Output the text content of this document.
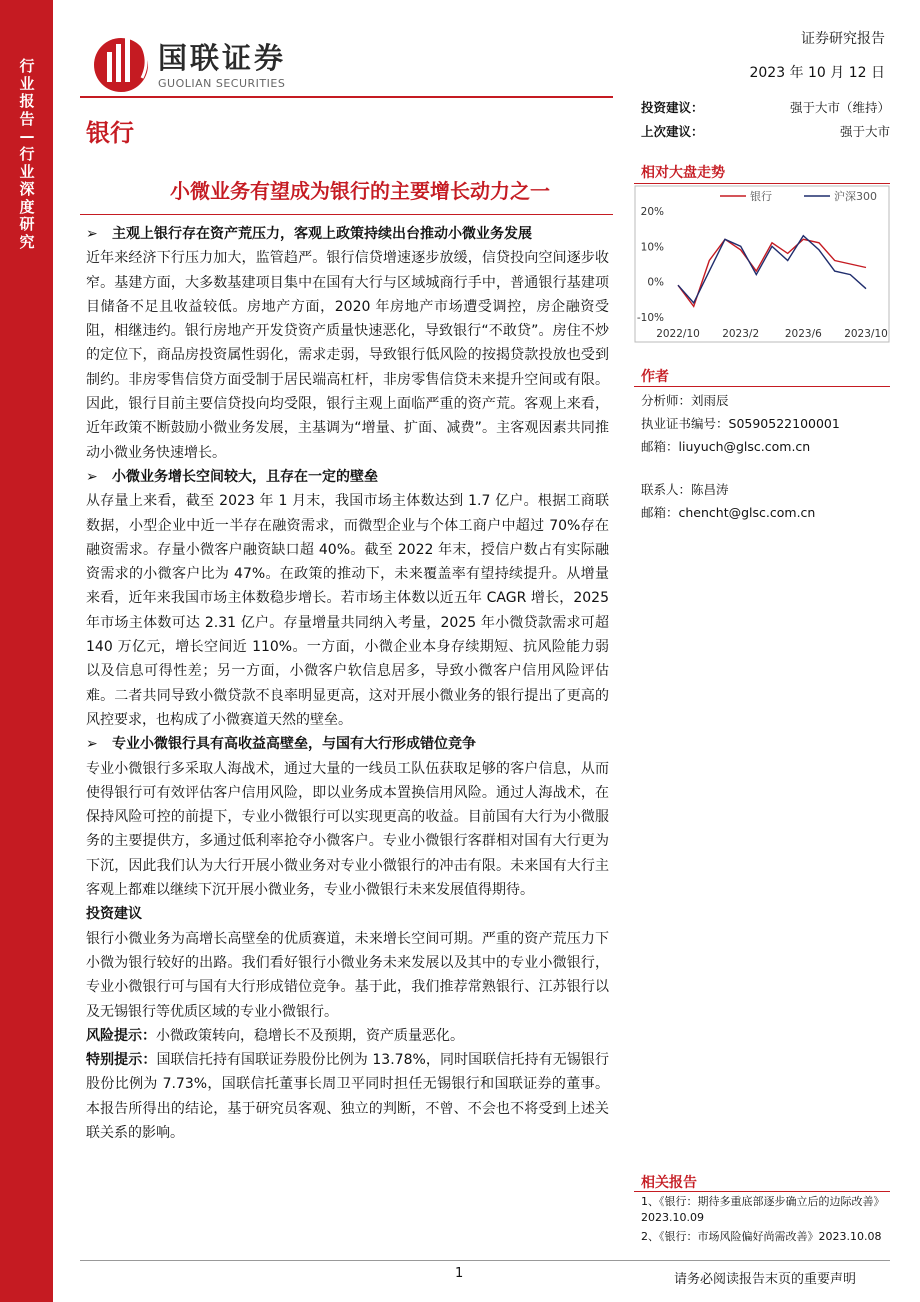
行业报告—行业深度研究
国联证券
GUOLIAN SECURITIES
证券研究报告
2023 年 10 月 12 日
银行
小微业务有望成为银行的主要增长动力之一

➢ 主观上银行存在资产荒压力，客观上政策持续出台推动小微业务发展

近年来经济下行压力加大，监管趋严。银行信贷增速逐步放缓，信贷投向空间逐步收窄。基建方面，大多数基建项目集中在国有大行与区域城商行手中，普通银行基建项目储备不足且收益较低。房地产方面，2020 年房地产市场遭受调控，房企融资受阻，相继违约。银行房地产开发贷资产质量快速恶化，导致银行“不敢贷”。房住不炒的定位下，商品房投资属性弱化，需求走弱，导致银行低风险的按揭贷款投放也受到制约。非房零售信贷方面受制于居民端高杠杆，非房零售信贷未来提升空间或有限。因此，银行目前主要信贷投向均受限，银行主观上面临严重的资产荒。客观上来看，近年政策不断鼓励小微业务发展，主基调为“增量、扩面、减费”。主客观因素共同推动小微业务快速增长。

➢ 小微业务增长空间较大，且存在一定的壁垒

从存量上来看，截至 2023 年 1 月末，我国市场主体数达到 1.7 亿户。根据工商联数据，小型企业中近一半存在融资需求，而微型企业与个体工商户中超过 70%存在融资需求。存量小微客户融资缺口超 40%。截至 2022 年末，授信户数占有实际融资需求的小微客户比为 47%。在政策的推动下，未来覆盖率有望持续提升。从增量来看，近年来我国市场主体数稳步增长。若市场主体数以近五年 CAGR 增长，2025 年市场主体数可达 2.31 亿户。存量增量共同纳入考量，2025 年小微贷款需求可超 140 万亿元，增长空间近 110%。一方面，小微企业本身存续期短、抗风险能力弱以及信息可得性差；另一方面，小微客户软信息居多，导致小微客户信用风险评估难。二者共同导致小微贷款不良率明显更高，这对开展小微业务的银行提出了更高的风控要求，也构成了小微赛道天然的壁垒。

➢ 专业小微银行具有高收益高壁垒，与国有大行形成错位竞争

专业小微银行多采取人海战术，通过大量的一线员工队伍获取足够的客户信息，从而使得银行可有效评估客户信用风险，即以业务成本置换信用风险。通过人海战术，在保持风险可控的前提下，专业小微银行可以实现更高的收益。目前国有大行为小微服务的主要提供方，多通过低利率抢夺小微客户。专业小微银行客群相对国有大行更为下沉，因此我们认为大行开展小微业务对专业小微银行的冲击有限。未来国有大行主客观上都难以继续下沉开展小微业务，专业小微银行未来发展值得期待。

投资建议

银行小微业务为高增长高壁垒的优质赛道，未来增长空间可期。严重的资产荒压力下小微为银行较好的出路。我们看好银行小微业务未来发展以及其中的专业小微银行，专业小微银行可与国有大行形成错位竞争。基于此，我们推荐常熟银行、江苏银行以及无锡银行等优质区域的专业小微银行。

风险提示：小微政策转向，稳增长不及预期，资产质量恶化。

特别提示：国联信托持有国联证券股份比例为 13.78%，同时国联信托持有无锡银行股份比例为 7.73%，国联信托董事长周卫平同时担任无锡银行和国联证券的董事。本报告所得出的结论，基于研究员客观、独立的判断，不曾、不会也不将受到上述关联关系的影响。

投资建议：	强于大市（维持）
上次建议：	强于大市
相对大盘走势
银行	沪深300
20%
10%
0%
-10%
2022/10 2023/2 2023/6 2023/10
作者
分析师：刘雨辰
执业证书编号：S0590522100001
邮箱：liuyuch@glsc.com.cn
联系人：陈昌涛
邮箱：chencht@glsc.com.cn
相关报告
1、《银行：期待多重底部逐步确立后的边际改善》
2023.10.09
2、《银行：市场风险偏好尚需改善》2023.10.08
1	请务必阅读报告末页的重要声明
